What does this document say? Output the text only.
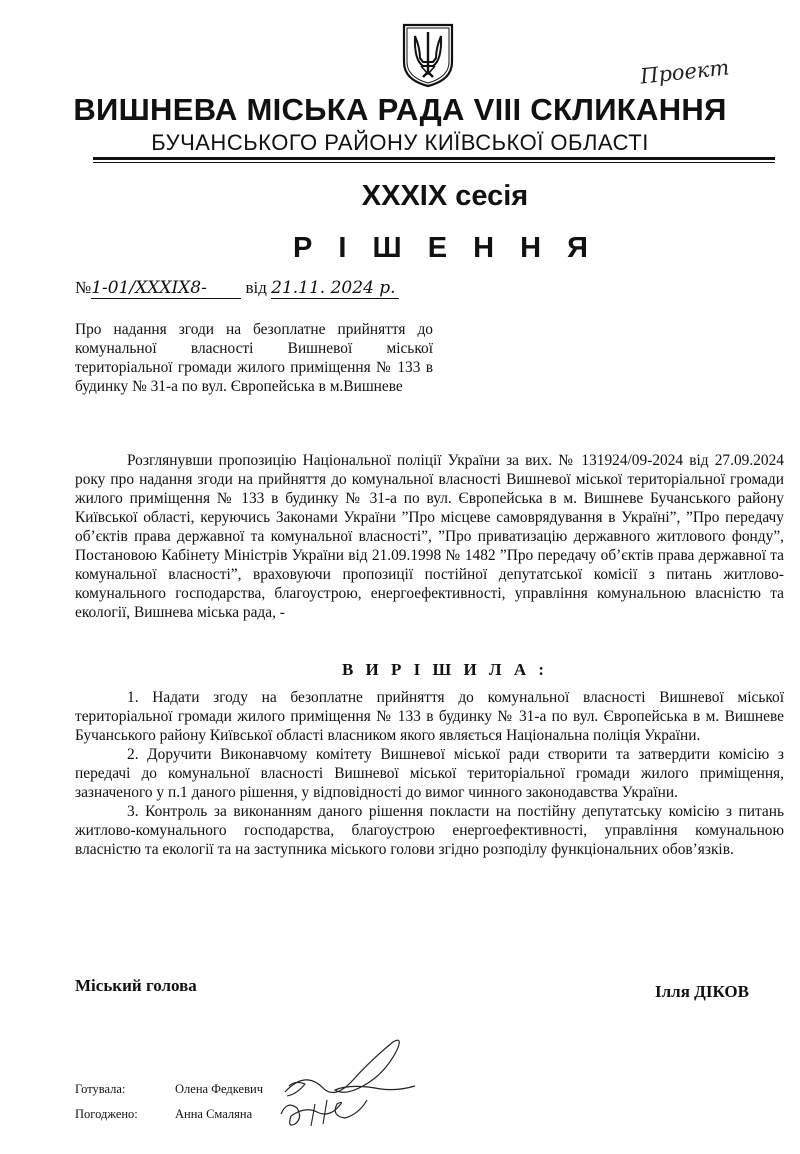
Проект
ВИШНЕВА МІСЬКА РАДА VIII СКЛИКАННЯ
БУЧАНСЬКОГО РАЙОНУ КИЇВСЬКОЇ ОБЛАСТІ
XXXIX сесія
Р І Ш Е Н Н Я
№1-01/XXXIX8- від 21.11. 2024 р.
Про надання згоди на безоплатне прийняття до комунальної власності Вишневої міської територіальної громади жилого приміщення № 133 в будинку № 31-а по вул. Європейська в м.Вишневе

Розглянувши пропозицію Національної поліції України за вих. № 131924/09-2024 від 27.09.2024 року про надання згоди на прийняття до комунальної власності Вишневої міської територіальної громади жилого приміщення № 133 в будинку № 31-а по вул. Європейська в м. Вишневе Бучанського району Київської області, керуючись Законами України ”Про місцеве самоврядування в Україні”, ”Про передачу об’єктів права державної та комунальної власності”, ”Про приватизацію державного житлового фонду”, Постановою Кабінету Міністрів України від 21.09.1998 № 1482 ”Про передачу об’єктів права державної та комунальної власності”, враховуючи пропозиції постійної депутатської комісії з питань житлово-комунального господарства, благоустрою, енергоефективності, управління комунальною власністю та екології, Вишнева міська рада, -

В И Р І Ш И Л А :

1. Надати згоду на безоплатне прийняття до комунальної власності Вишневої міської територіальної громади жилого приміщення № 133 в будинку № 31-а по вул. Європейська в м. Вишневе Бучанського району Київської області власником якого являється Національна поліція України.

2. Доручити Виконавчому комітету Вишневої міської ради створити та затвердити комісію з передачі до комунальної власності Вишневої міської територіальної громади жилого приміщення, зазначеного у п.1 даного рішення, у відповідності до вимог чинного законодавства України.

3. Контроль за виконанням даного рішення покласти на постійну депутатську комісію з питань житлово-комунального господарства, благоустрою енергоефективності, управління комунальною власністю та екології та на заступника міського голови згідно розподілу функціональних обов’язків.

Міський голова	Ілля ДІКОВ
Готувала:	Олена Федкевич
Погоджено:	Анна Смаляна
